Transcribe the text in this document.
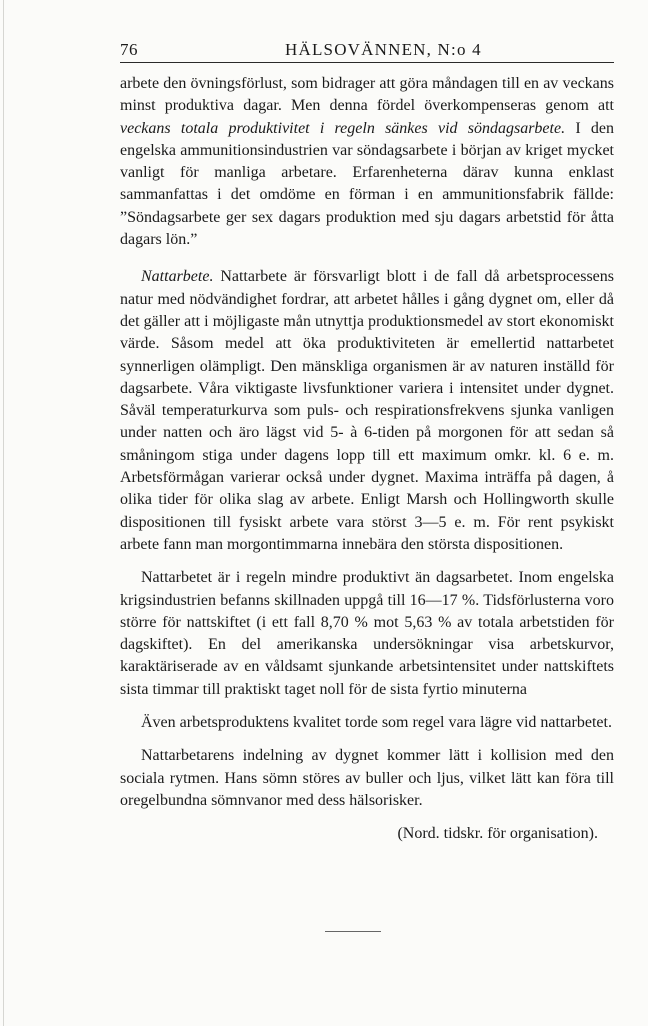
76	HÄLSOVÄNNEN, N:o 4

arbete den övningsförlust, som bidrager att göra måndagen till en av veckans minst produktiva dagar. Men denna fördel överkompenseras genom att veckans totala produktivitet i regeln sänkes vid söndagsarbete. I den engelska ammunitionsindustrien var söndagsarbete i början av kriget mycket vanligt för manliga arbetare. Erfarenheterna därav kunna enklast sammanfattas i det omdöme en förman i en ammunitionsfabrik fällde: ”Söndagsarbete ger sex dagars produktion med sju dagars arbetstid för åtta dagars lön.”

Nattarbete. Nattarbete är försvarligt blott i de fall då arbetsprocessens natur med nödvändighet fordrar, att arbetet hålles i gång dygnet om, eller då det gäller att i möjligaste mån utnyttja produktionsmedel av stort ekonomiskt värde. Såsom medel att öka produktiviteten är emellertid nattarbetet synnerligen olämpligt. Den mänskliga organismen är av naturen inställd för dagsarbete. Våra viktigaste livsfunktioner variera i intensitet under dygnet. Såväl temperaturkurva som puls- och respirationsfrekvens sjunka vanligen under natten och äro lägst vid 5- à 6-tiden på morgonen för att sedan så småningom stiga under dagens lopp till ett maximum omkr. kl. 6 e. m. Arbetsförmågan varierar också under dygnet. Maxima inträffa på dagen, å olika tider för olika slag av arbete. Enligt Marsh och Hollingworth skulle dispositionen till fysiskt arbete vara störst 3—5 e. m. För rent psykiskt arbete fann man morgontimmarna innebära den största dispositionen.

Nattarbetet är i regeln mindre produktivt än dagsarbetet. Inom engelska krigsindustrien befanns skillnaden uppgå till 16—17 %. Tidsförlusterna voro större för nattskiftet (i ett fall 8,70 % mot 5,63 % av totala arbetstiden för dagskiftet). En del amerikanska undersökningar visa arbetskurvor, karaktäriserade av en våldsamt sjunkande arbetsintensitet under nattskiftets sista timmar till praktiskt taget noll för de sista fyrtio minuterna

Även arbetsproduktens kvalitet torde som regel vara lägre vid nattarbetet.

Nattarbetarens indelning av dygnet kommer lätt i kollision med den sociala rytmen. Hans sömn störes av buller och ljus, vilket lätt kan föra till oregelbundna sömnvanor med dess hälsorisker.

(Nord. tidskr. för organisation).
